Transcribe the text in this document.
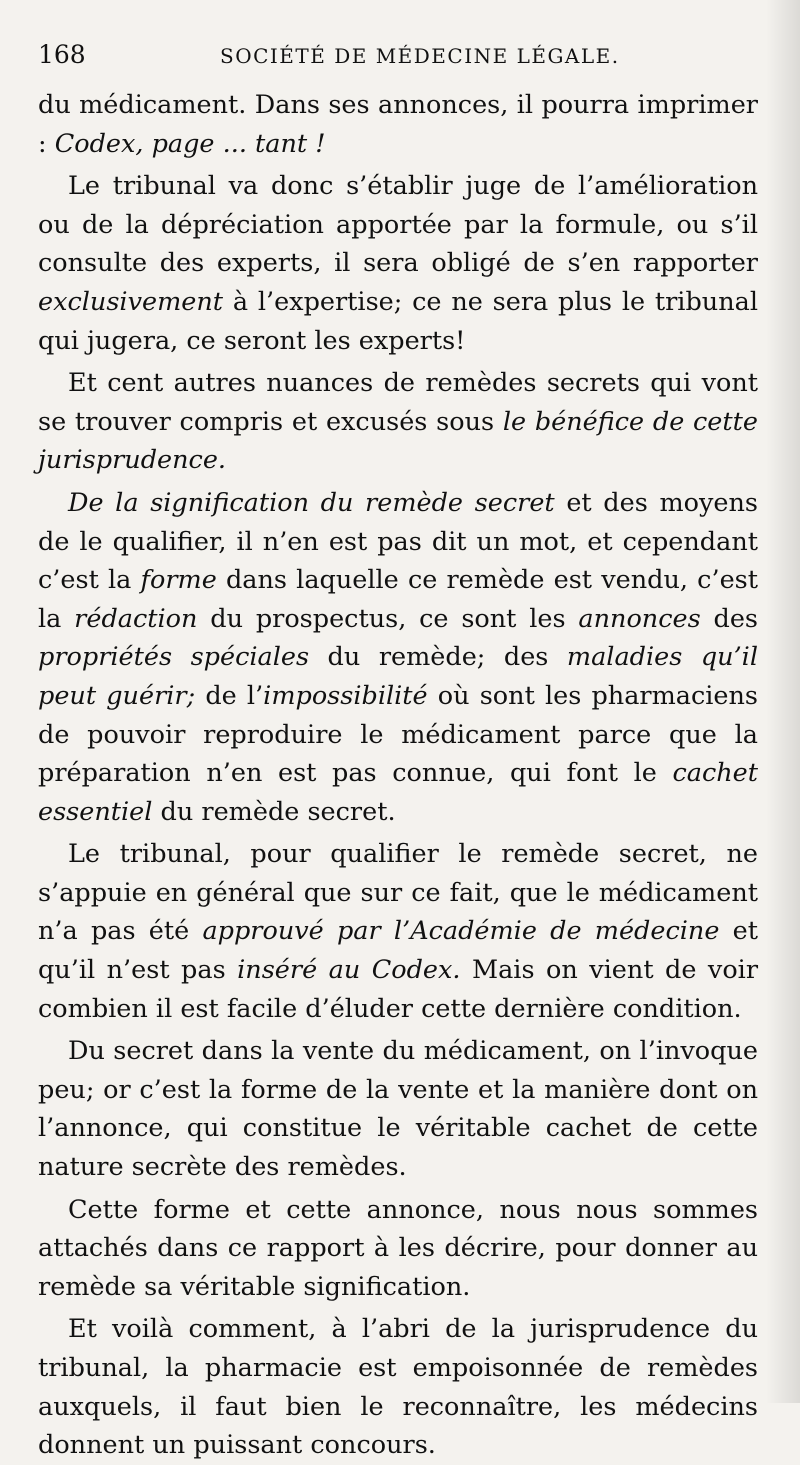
168	SOCIÉTÉ DE MÉDECINE LÉGALE.

du médicament. Dans ses annonces, il pourra imprimer : Codex, page ... tant !

Le tribunal va donc s’établir juge de l’amélioration ou de la dépréciation apportée par la formule, ou s’il consulte des experts, il sera obligé de s’en rapporter exclusivement à l’expertise; ce ne sera plus le tribunal qui jugera, ce seront les experts!

Et cent autres nuances de remèdes secrets qui vont se trouver compris et excusés sous le bénéfice de cette jurisprudence.

De la signification du remède secret et des moyens de le qualifier, il n’en est pas dit un mot, et cependant c’est la forme dans laquelle ce remède est vendu, c’est la rédaction du prospectus, ce sont les annonces des propriétés spéciales du remède; des maladies qu’il peut guérir; de l’impossibilité où sont les pharmaciens de pouvoir reproduire le médicament parce que la préparation n’en est pas connue, qui font le cachet essentiel du remède secret.

Le tribunal, pour qualifier le remède secret, ne s’appuie en général que sur ce fait, que le médicament n’a pas été approuvé par l’Académie de médecine et qu’il n’est pas inséré au Codex. Mais on vient de voir combien il est facile d’éluder cette dernière condition.

Du secret dans la vente du médicament, on l’invoque peu; or c’est la forme de la vente et la manière dont on l’annonce, qui constitue le véritable cachet de cette nature secrète des remèdes.

Cette forme et cette annonce, nous nous sommes attachés dans ce rapport à les décrire, pour donner au remède sa véritable signification.

Et voilà comment, à l’abri de la jurisprudence du tribunal, la pharmacie est empoisonnée de remèdes auxquels, il faut bien le reconnaître, les médecins donnent un puissant concours.
